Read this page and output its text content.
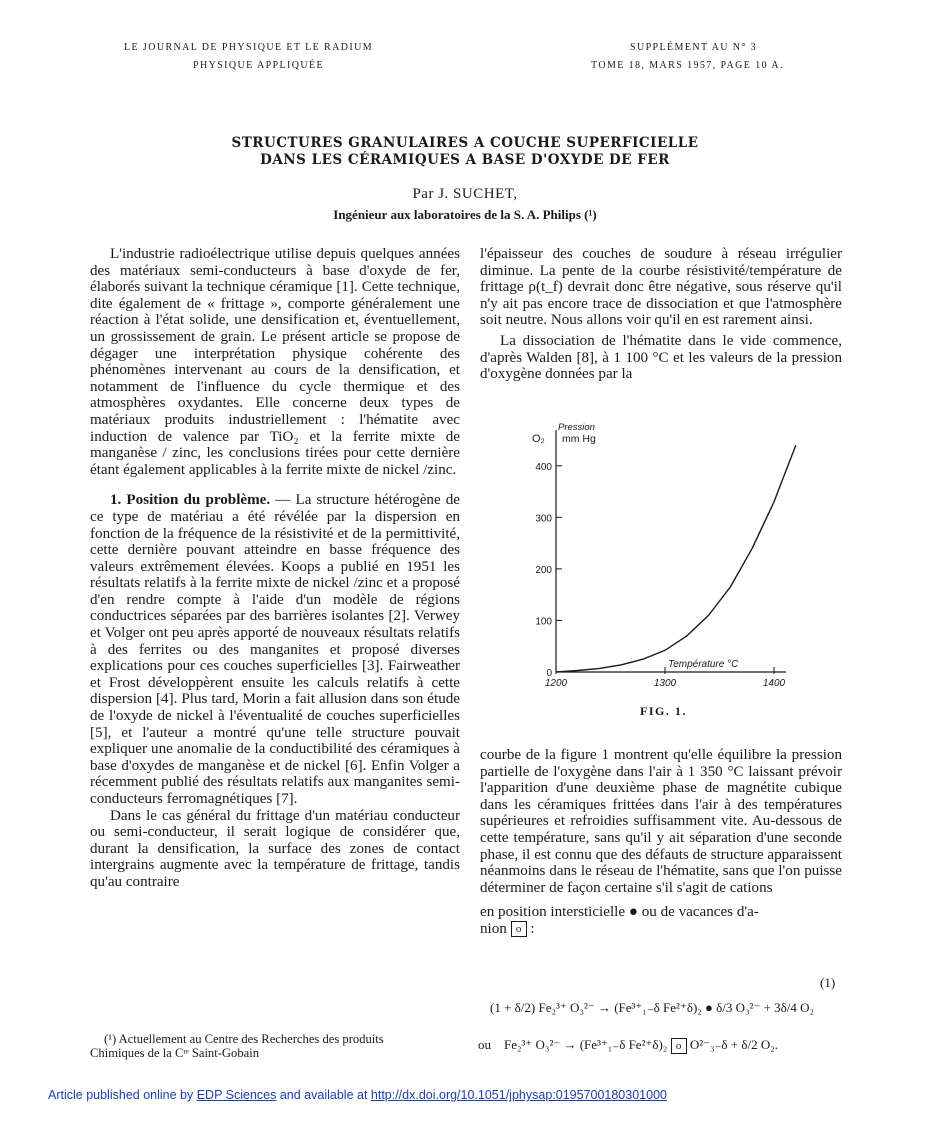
LE JOURNAL DE PHYSIQUE ET LE RADIUM
PHYSIQUE APPLIQUÉE
SUPPLÉMENT AU N° 3
TOME 18, MARS 1957, PAGE 10 A.
STRUCTURES GRANULAIRES A COUCHE SUPERFICIELLE
DANS LES CÉRAMIQUES A BASE D'OXYDE DE FER
Par J. SUCHET,
Ingénieur aux laboratoires de la S. A. Philips (¹)

L'industrie radioélectrique utilise depuis quelques années des matériaux semi-conducteurs à base d'oxyde de fer, élaborés suivant la technique céramique [1]. Cette technique, dite également de « frittage », comporte généralement une réaction à l'état solide, une densification et, éventuellement, un grossissement de grain. Le présent article se propose de dégager une interprétation physique cohérente des phénomènes intervenant au cours de la densification, et notamment de l'influence du cycle thermique et des atmosphères oxydantes. Elle concerne deux types de matériaux produits industriellement : l'hématite avec induction de valence par TiO₂ et la ferrite mixte de manganèse / zinc, les conclusions tirées pour cette dernière étant également applicables à la ferrite mixte de nickel /zinc.

1. Position du problème. — La structure hétérogène de ce type de matériau a été révélée par la dispersion en fonction de la fréquence de la résistivité et de la permittivité, cette dernière pouvant atteindre en basse fréquence des valeurs extrêmement élevées. Koops a publié en 1951 les résultats relatifs à la ferrite mixte de nickel /zinc et a proposé d'en rendre compte à l'aide d'un modèle de régions conductrices séparées par des barrières isolantes [2]. Verwey et Volger ont peu après apporté de nouveaux résultats relatifs à des ferrites ou des manganites et proposé diverses explications pour ces couches superficielles [3]. Fairweather et Frost développèrent ensuite les calculs relatifs à cette dispersion [4]. Plus tard, Morin a fait allusion dans son étude de l'oxyde de nickel à l'éventualité de couches superficielles [5], et l'auteur a montré qu'une telle structure pouvait expliquer une anomalie de la conductibilité des céramiques à base d'oxydes de manganèse et de nickel [6]. Enfin Volger a récemment publié des résultats relatifs aux manganites semi-conducteurs ferromagnétiques [7].

Dans le cas général du frittage d'un matériau conducteur ou semi-conducteur, il serait logique de considérer que, durant la densification, la surface des zones de contact intergrains augmente avec la température de frittage, tandis qu'au contraire

(¹) Actuellement au Centre des Recherches des produits
Chimiques de la Cᶦᵉ Saint-Gobain

l'épaisseur des couches de soudure à réseau irrégulier diminue. La pente de la courbe résistivité/température de frittage ρ(t_f) devrait donc être négative, sous réserve qu'il n'y ait pas encore trace de dissociation et que l'atmosphère soit neutre. Nous allons voir qu'il en est rarement ainsi.

La dissociation de l'hématite dans le vide commence, d'après Walden [8], à 1 100 °C et les valeurs de la pression d'oxygène données par la

0
100
200
300
400
1200	1300	1400
O₂
Pression
mm Hg
Température °C
FIG. 1.

courbe de la figure 1 montrent qu'elle équilibre la pression partielle de l'oxygène dans l'air à 1 350 °C laissant prévoir l'apparition d'une deuxième phase de magnétite cubique dans les céramiques frittées dans l'air à des températures supérieures et refroidies suffisamment vite. Au-dessous de cette température, sans qu'il y ait séparation d'une seconde phase, il est connu que des défauts de structure apparaissent néanmoins dans le réseau de l'hématite, sans que l'on puisse déterminer de façon certaine s'il s'agit de cations

en position intersticielle ● ou de vacances d'a-
nion o :

(1)
(1 + δ/2) Fe₂³⁺ O₃²⁻ → (Fe³⁺₁₋δ Fe²⁺δ)₂ ● δ/3 O₃²⁻ + 3δ/4 O₂
ou Fe₂³⁺ O₃²⁻ → (Fe³⁺₁₋δ Fe²⁺δ)₂ o O²⁻₃₋δ + δ/2 O₂.
Article published online by EDP Sciences and available at http://dx.doi.org/10.1051/jphysap:0195700180301000
